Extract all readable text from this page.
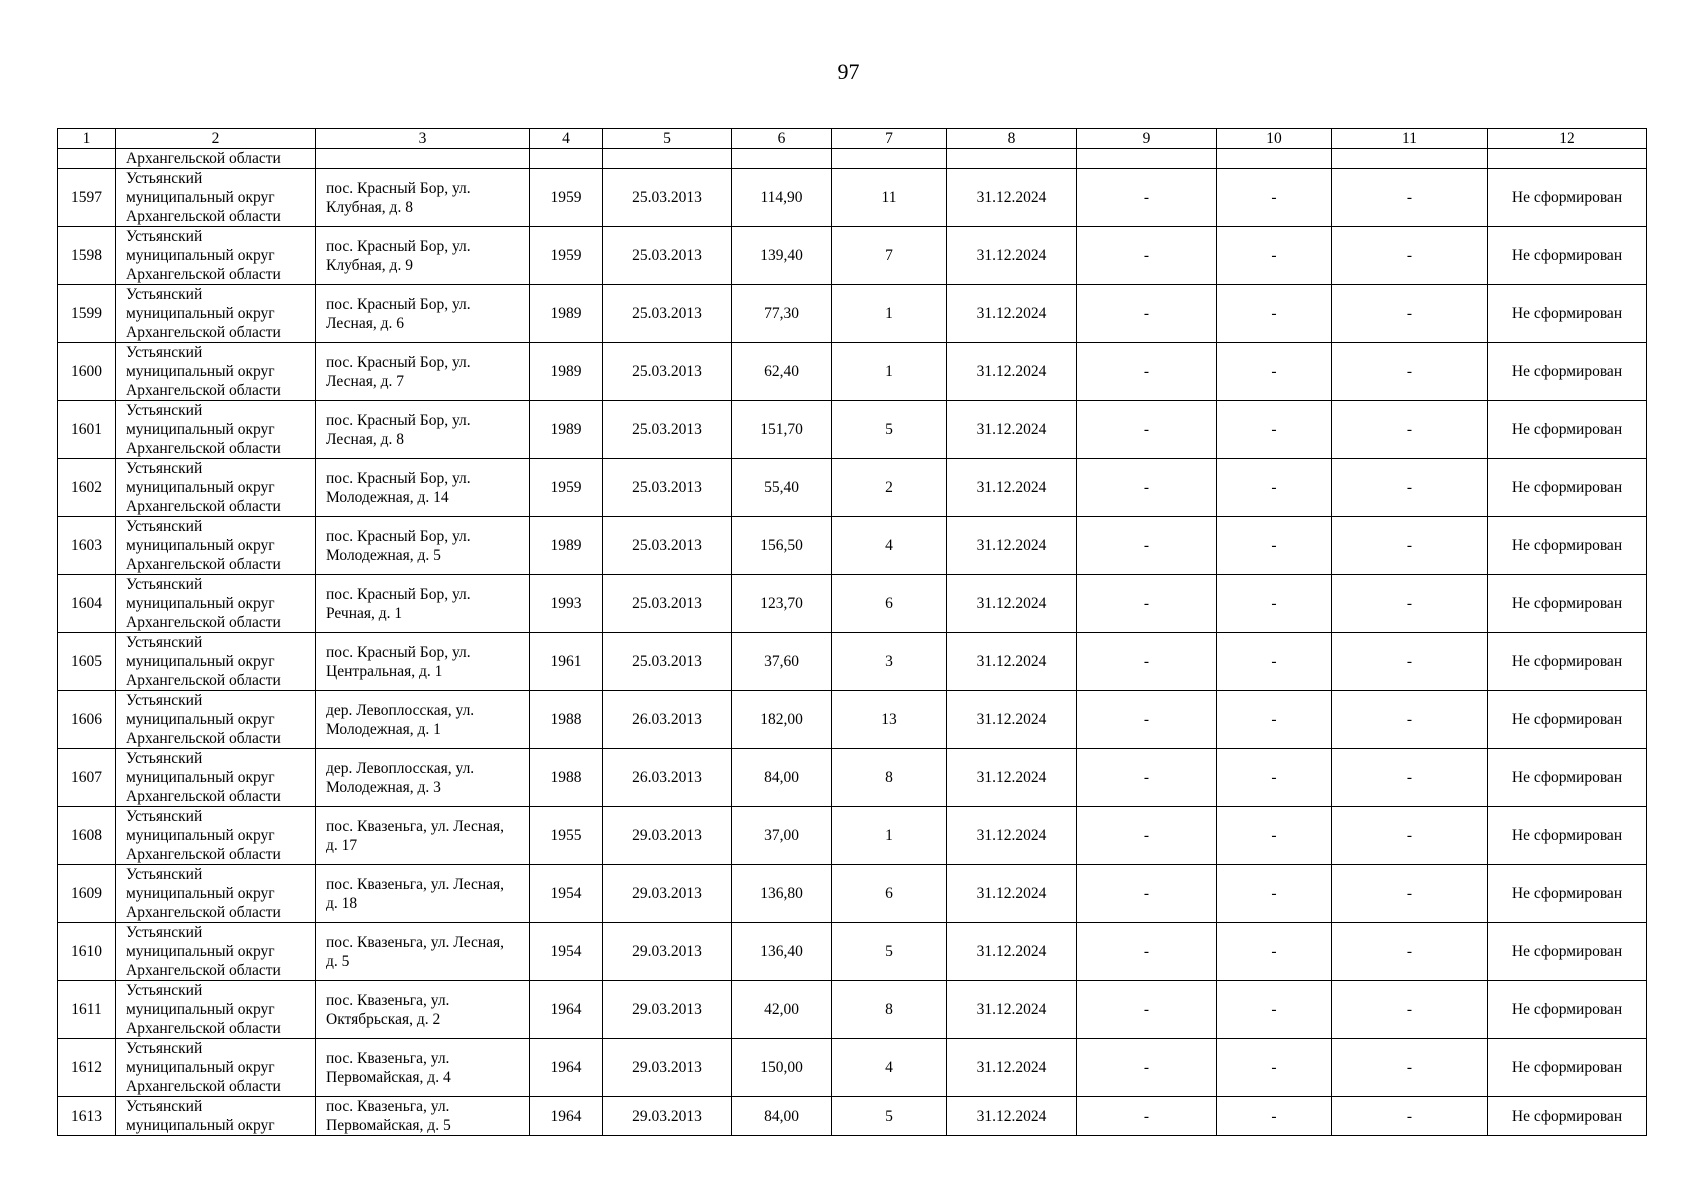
97
1	2	3	4	5	6	7	8	9	10	11	12
	Архангельской области										
1597	Устьянский
муниципальный округ
Архангельской области	пос. Красный Бор, ул.
Клубная, д. 8	1959	25.03.2013	114,90	11	31.12.2024	-	-	-	Не сформирован
1598	Устьянский
муниципальный округ
Архангельской области	пос. Красный Бор, ул.
Клубная, д. 9	1959	25.03.2013	139,40	7	31.12.2024	-	-	-	Не сформирован
1599	Устьянский
муниципальный округ
Архангельской области	пос. Красный Бор, ул.
Лесная, д. 6	1989	25.03.2013	77,30	1	31.12.2024	-	-	-	Не сформирован
1600	Устьянский
муниципальный округ
Архангельской области	пос. Красный Бор, ул.
Лесная, д. 7	1989	25.03.2013	62,40	1	31.12.2024	-	-	-	Не сформирован
1601	Устьянский
муниципальный округ
Архангельской области	пос. Красный Бор, ул.
Лесная, д. 8	1989	25.03.2013	151,70	5	31.12.2024	-	-	-	Не сформирован
1602	Устьянский
муниципальный округ
Архангельской области	пос. Красный Бор, ул.
Молодежная, д. 14	1959	25.03.2013	55,40	2	31.12.2024	-	-	-	Не сформирован
1603	Устьянский
муниципальный округ
Архангельской области	пос. Красный Бор, ул.
Молодежная, д. 5	1989	25.03.2013	156,50	4	31.12.2024	-	-	-	Не сформирован
1604	Устьянский
муниципальный округ
Архангельской области	пос. Красный Бор, ул.
Речная, д. 1	1993	25.03.2013	123,70	6	31.12.2024	-	-	-	Не сформирован
1605	Устьянский
муниципальный округ
Архангельской области	пос. Красный Бор, ул.
Центральная, д. 1	1961	25.03.2013	37,60	3	31.12.2024	-	-	-	Не сформирован
1606	Устьянский
муниципальный округ
Архангельской области	дер. Левоплосская, ул.
Молодежная, д. 1	1988	26.03.2013	182,00	13	31.12.2024	-	-	-	Не сформирован
1607	Устьянский
муниципальный округ
Архангельской области	дер. Левоплосская, ул.
Молодежная, д. 3	1988	26.03.2013	84,00	8	31.12.2024	-	-	-	Не сформирован
1608	Устьянский
муниципальный округ
Архангельской области	пос. Квазеньга, ул. Лесная,
д. 17	1955	29.03.2013	37,00	1	31.12.2024	-	-	-	Не сформирован
1609	Устьянский
муниципальный округ
Архангельской области	пос. Квазеньга, ул. Лесная,
д. 18	1954	29.03.2013	136,80	6	31.12.2024	-	-	-	Не сформирован
1610	Устьянский
муниципальный округ
Архангельской области	пос. Квазеньга, ул. Лесная,
д. 5	1954	29.03.2013	136,40	5	31.12.2024	-	-	-	Не сформирован
1611	Устьянский
муниципальный округ
Архангельской области	пос. Квазеньга, ул.
Октябрьская, д. 2	1964	29.03.2013	42,00	8	31.12.2024	-	-	-	Не сформирован
1612	Устьянский
муниципальный округ
Архангельской области	пос. Квазеньга, ул.
Первомайская, д. 4	1964	29.03.2013	150,00	4	31.12.2024	-	-	-	Не сформирован
1613	Устьянский
муниципальный округ	пос. Квазеньга, ул.
Первомайская, д. 5	1964	29.03.2013	84,00	5	31.12.2024	-	-	-	Не сформирован
